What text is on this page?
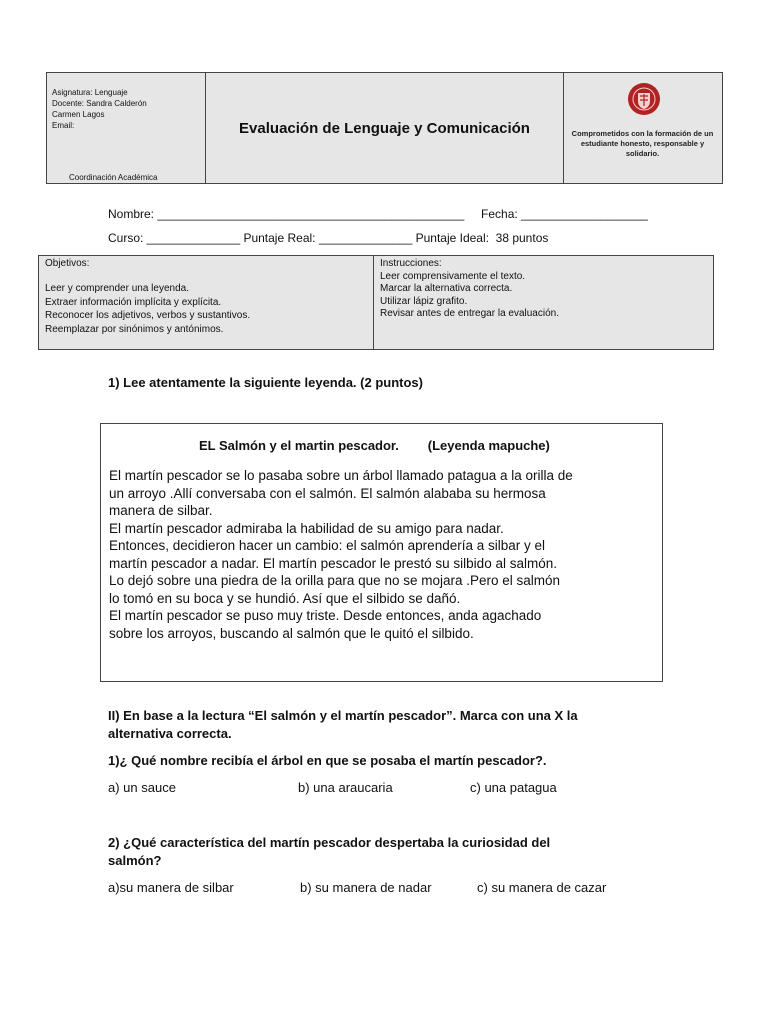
Asignatura: Lenguaje
Docente: Sandra Calderón
Carmen Lagos
Email:
Coordinación Académica
Evaluación de Lenguaje y Comunicación	Comprometidos con la formación de un estudiante honesto, responsable y solidario.
Nombre: ______________________________________________     Fecha: ___________________
Curso: ______________ Puntaje Real: ______________ Puntaje Ideal:  38 puntos
Objetivos:
Leer y comprender una leyenda.
Extraer información implícita y explícita.
Reconocer los adjetivos, verbos y sustantivos.
Reemplazar por sinónimos y antónimos.
Instrucciones:
Leer comprensivamente el texto.
Marcar la alternativa correcta.
Utilizar lápiz grafito.
Revisar antes de entregar la evaluación.
1) Lee atentamente la siguiente leyenda. (2 puntos)
EL Salmón y el martin pescador.        (Leyenda mapuche)
El martín pescador se lo pasaba sobre un árbol llamado patagua a la orilla de
un arroyo .Allí conversaba con el salmón. El salmón alababa su hermosa
manera de silbar.
El martín pescador admiraba la habilidad de su amigo para nadar.
Entonces, decidieron hacer un cambio: el salmón aprendería a silbar y el
martín pescador a nadar. El martín pescador le prestó su silbido al salmón.
Lo dejó sobre una piedra de la orilla para que no se mojara .Pero el salmón
lo tomó en su boca y se hundió. Así que el silbido se dañó.
El martín pescador se puso muy triste. Desde entonces, anda agachado
sobre los arroyos, buscando al salmón que le quitó el silbido.
II) En base a la lectura “El salmón y el martín pescador”. Marca con una X la
alternativa correcta.
1)¿ Qué nombre recibía el árbol en que se posaba el martín pescador?.
a) un sauce	b) una araucaria	c) una patagua
2) ¿Qué característica del martín pescador despertaba la curiosidad del
salmón?
a)su manera de silbar	b) su manera de nadar	c) su manera de cazar
